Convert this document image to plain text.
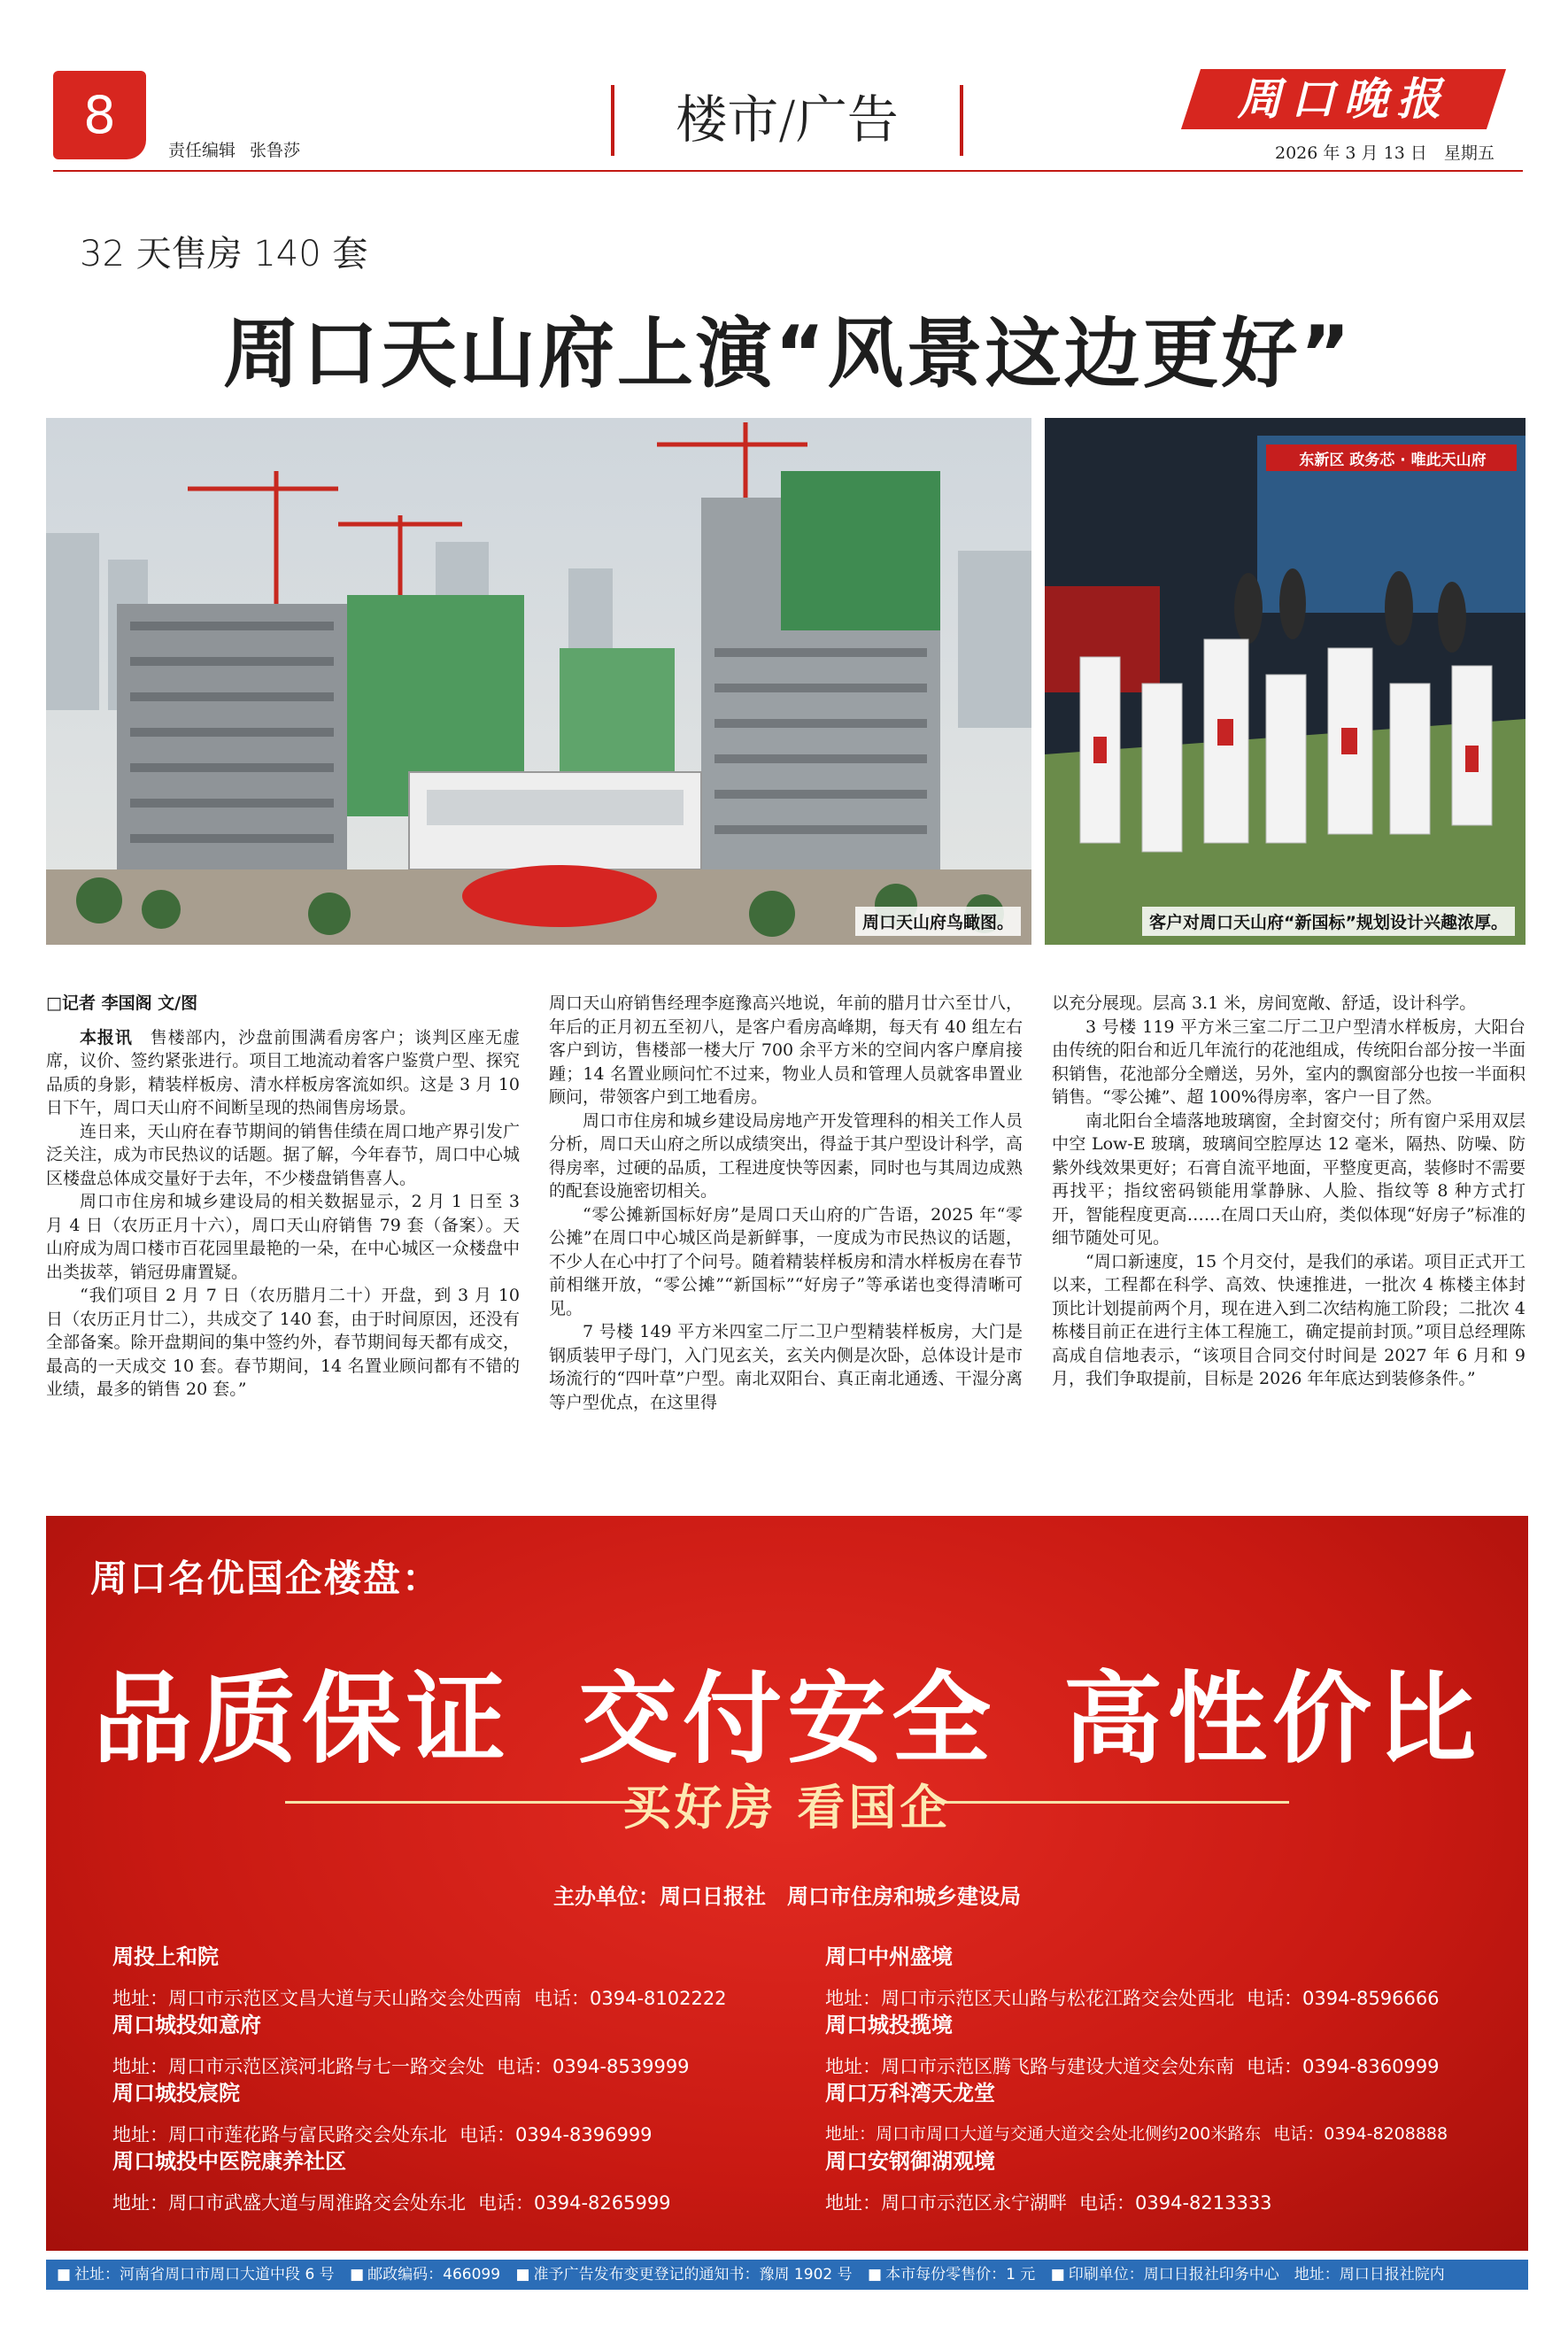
8
责任编辑 张鲁莎
楼市/广告	周口晚报
2026 年 3 月 13 日　星期五
32 天售房 140 套
周口天山府上演“风景这边更好”
周口天山府鸟瞰图。
东新区 政务芯 · 唯此天山府
客户对周口天山府“新国标”规划设计兴趣浓厚。

□记者 李国阁 文/图

本报讯　 售楼部内，沙盘前围满看房客户；谈判区座无虚席，议价、签约紧张进行。项目工地流动着客户鉴赏户型、探究品质的身影，精装样板房、清水样板房客流如织。这是 3 月 10 日下午，周口天山府不间断呈现的热闹售房场景。

连日来，天山府在春节期间的销售佳绩在周口地产界引发广泛关注，成为市民热议的话题。据了解，今年春节，周口中心城区楼盘总体成交量好于去年，不少楼盘销售喜人。

周口市住房和城乡建设局的相关数据显示，2 月 1 日至 3 月 4 日（农历正月十六），周口天山府销售 79 套（备案）。天山府成为周口楼市百花园里最艳的一朵，在中心城区一众楼盘中出类拔萃，销冠毋庸置疑。

“我们项目 2 月 7 日（农历腊月二十）开盘，到 3 月 10 日（农历正月廿二），共成交了 140 套，由于时间原因，还没有全部备案。除开盘期间的集中签约外，春节期间每天都有成交，最高的一天成交 10 套。春节期间，14 名置业顾问都有不错的业绩，最多的销售 20 套。”

周口天山府销售经理李庭豫高兴地说，年前的腊月廿六至廿八，年后的正月初五至初八，是客户看房高峰期，每天有 40 组左右客户到访，售楼部一楼大厅 700 余平方米的空间内客户摩肩接踵；14 名置业顾问忙不过来，物业人员和管理人员就客串置业顾问，带领客户到工地看房。

周口市住房和城乡建设局房地产开发管理科的相关工作人员分析，周口天山府之所以成绩突出，得益于其户型设计科学，高得房率，过硬的品质，工程进度快等因素，同时也与其周边成熟的配套设施密切相关。

“零公摊新国标好房”是周口天山府的广告语，2025 年“零公摊”在周口中心城区尚是新鲜事，一度成为市民热议的话题，不少人在心中打了个问号。随着精装样板房和清水样板房在春节前相继开放，“零公摊”“新国标”“好房子”等承诺也变得清晰可见。

7 号楼 149 平方米四室二厅二卫户型精装样板房，大门是钢质装甲子母门，入门见玄关，玄关内侧是次卧，总体设计是市场流行的“四叶草”户型。南北双阳台、真正南北通透、干湿分离等户型优点，在这里得

以充分展现。层高 3.1 米，房间宽敞、舒适，设计科学。

3 号楼 119 平方米三室二厅二卫户型清水样板房，大阳台由传统的阳台和近几年流行的花池组成，传统阳台部分按一半面积销售，花池部分全赠送，另外，室内的飘窗部分也按一半面积销售。“零公摊”、超 100%得房率，客户一目了然。

南北阳台全墙落地玻璃窗，全封窗交付；所有窗户采用双层中空 Low-E 玻璃，玻璃间空腔厚达 12 毫米，隔热、防噪、防紫外线效果更好；石膏自流平地面，平整度更高，装修时不需要再找平；指纹密码锁能用掌静脉、人脸、指纹等 8 种方式打开，智能程度更高……在周口天山府，类似体现“好房子”标准的细节随处可见。

“周口新速度，15 个月交付，是我们的承诺。项目正式开工以来，工程都在科学、高效、快速推进，一批次 4 栋楼主体封顶比计划提前两个月，现在进入到二次结构施工阶段；二批次 4 栋楼目前正在进行主体工程施工，确定提前封顶。”项目总经理陈高成自信地表示，“该项目合同交付时间是 2027 年 6 月和 9 月，我们争取提前，目标是 2026 年年底达到装修条件。”

周口名优国企楼盘：
品质保证 交付安全 高性价比
买好房 看国企
主办单位：周口日报社　周口市住房和城乡建设局
周投上和院
地址：周口市示范区文昌大道与天山路交会处西南 电话：0394-8102222
周口城投如意府
地址：周口市示范区滨河北路与七一路交会处 电话：0394-8539999
周口城投宸院
地址：周口市莲花路与富民路交会处东北 电话：0394-8396999
周口城投中医院康养社区
地址：周口市武盛大道与周淮路交会处东北 电话：0394-8265999
周口中州盛境
地址：周口市示范区天山路与松花江路交会处西北 电话：0394-8596666
周口城投揽境
地址：周口市示范区腾飞路与建设大道交会处东南 电话：0394-8360999
周口万科湾天龙堂
地址：周口市周口大道与交通大道交会处北侧约200米路东 电话：0394-8208888
周口安钢御湖观境
地址：周口市示范区永宁湖畔 电话：0394-8213333
■ 社址：河南省周口市周口大道中段 6 号 ■ 邮政编码：466099 ■ 准予广告发布变更登记的通知书：豫周 1902 号 ■ 本市每份零售价：1 元 ■ 印刷单位：周口日报社印务中心　地址：周口日报社院内
